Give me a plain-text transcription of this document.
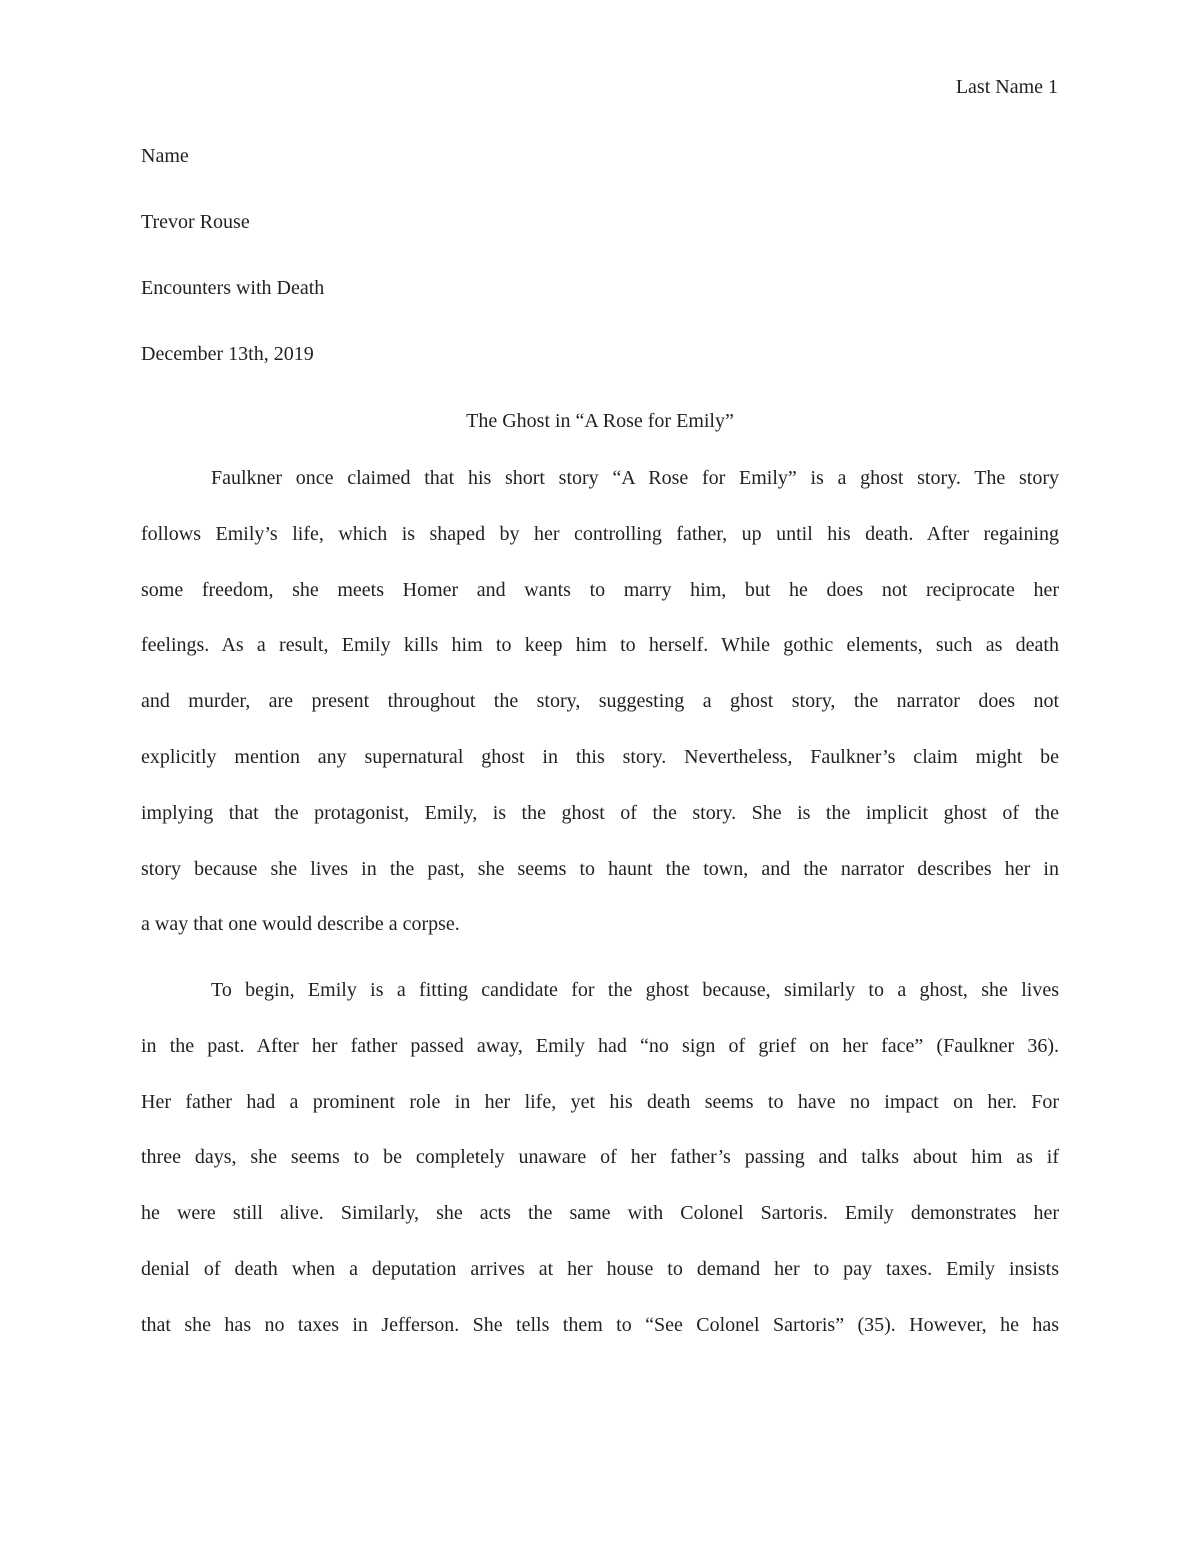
Last Name 1
Name
Trevor Rouse
Encounters with Death
December 13th, 2019
The Ghost in “A Rose for Emily”
Faulkner once claimed that his short story “A Rose for Emily” is a ghost story. The story
follows Emily’s life, which is shaped by her controlling father, up until his death. After regaining
some freedom, she meets Homer and wants to marry him, but he does not reciprocate her
feelings. As a result, Emily kills him to keep him to herself. While gothic elements, such as death
and murder, are present throughout the story, suggesting a ghost story, the narrator does not
explicitly mention any supernatural ghost in this story. Nevertheless, Faulkner’s claim might be
implying that the protagonist, Emily, is the ghost of the story. She is the implicit ghost of the
story because she lives in the past, she seems to haunt the town, and the narrator describes her in
a way that one would describe a corpse.
To begin, Emily is a fitting candidate for the ghost because, similarly to a ghost, she lives
in the past. After her father passed away, Emily had “no sign of grief on her face” (Faulkner 36).
Her father had a prominent role in her life, yet his death seems to have no impact on her. For
three days, she seems to be completely unaware of her father’s passing and talks about him as if
he were still alive. Similarly, she acts the same with Colonel Sartoris. Emily demonstrates her
denial of death when a deputation arrives at her house to demand her to pay taxes. Emily insists
that she has no taxes in Jefferson. She tells them to “See Colonel Sartoris” (35). However, he has
